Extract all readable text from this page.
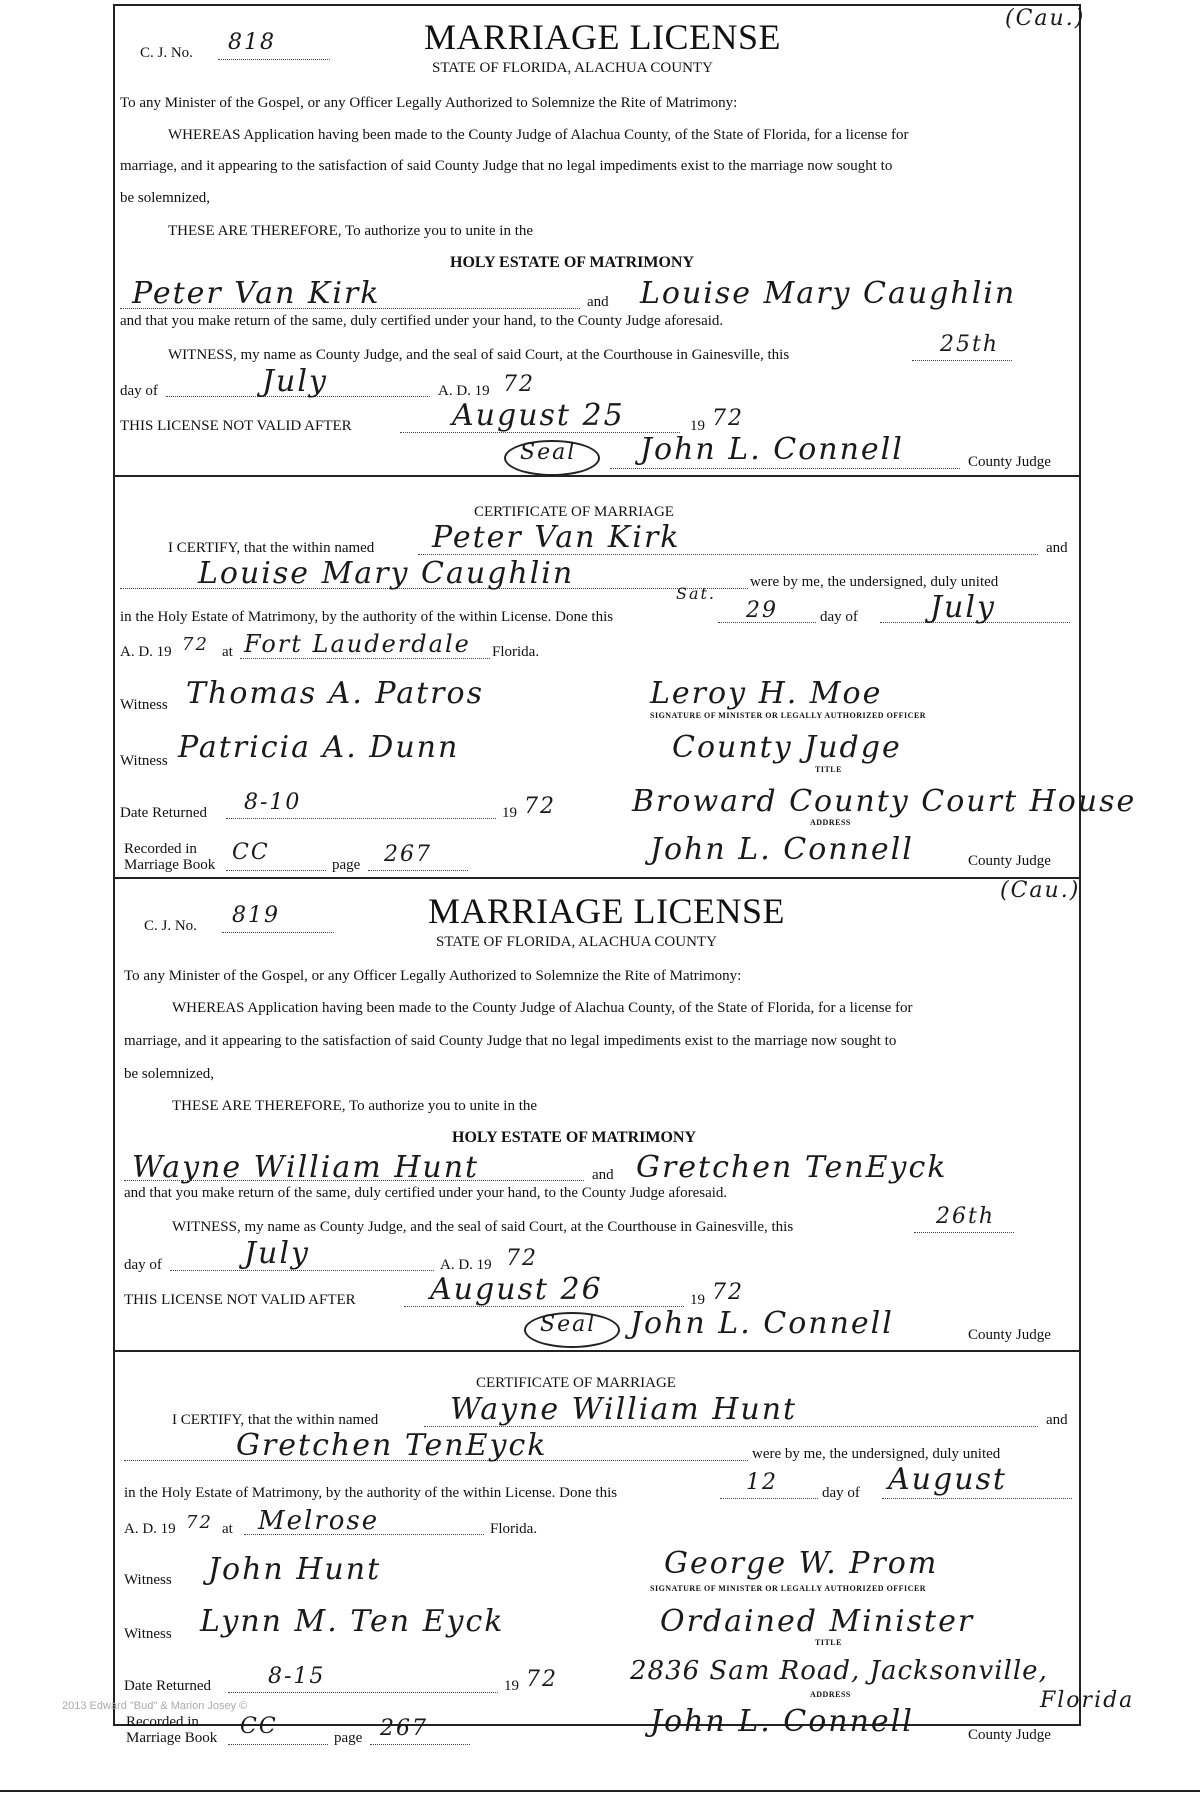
C. J. No. 818	MARRIAGE LICENSE	(Cau.)
STATE OF FLORIDA, ALACHUA COUNTY
To any Minister of the Gospel, or any Officer Legally Authorized to Solemnize the Rite of Matrimony:
WHEREAS Application having been made to the County Judge of Alachua County, of the State of Florida, for a license for
marriage, and it appearing to the satisfaction of said County Judge that no legal impediments exist to the marriage now sought to
be solemnized,
THESE ARE THEREFORE, To authorize you to unite in the
HOLY ESTATE OF MATRIMONY
Peter Van Kirk	and Louise Mary Caughlin
and that you make return of the same, duly certified under your hand, to the County Judge aforesaid.
WITNESS, my name as County Judge, and the seal of said Court, at the Courthouse in Gainesville, this	25th
day of	July	A. D. 19 72
THIS LICENSE NOT VALID AFTER	August 25	19 72
Seal John L. Connell	County Judge
CERTIFICATE OF MARRIAGE
I CERTIFY, that the within named Peter Van Kirk	and
Louise Mary Caughlin	were by me, the undersigned, duly united
in the Holy Estate of Matrimony, by the authority of the within License. Done this
Sat.
29	day of July
A. D. 19 72 at Fort Lauderdale Florida.
Witness Thomas A. Patros	Leroy H. Moe
SIGNATURE OF MINISTER OR LEGALLY AUTHORIZED OFFICER
Witness Patricia A. Dunn	County Judge
TITLE
Date Returned 8-10	19 72	Broward County Court House
ADDRESS
Recorded in
Marriage Book CC	page 267	John L. Connell	County Judge
(Cau.)
C. J. No. 819	MARRIAGE LICENSE
STATE OF FLORIDA, ALACHUA COUNTY
To any Minister of the Gospel, or any Officer Legally Authorized to Solemnize the Rite of Matrimony:
WHEREAS Application having been made to the County Judge of Alachua County, of the State of Florida, for a license for
marriage, and it appearing to the satisfaction of said County Judge that no legal impediments exist to the marriage now sought to
be solemnized,
THESE ARE THEREFORE, To authorize you to unite in the
HOLY ESTATE OF MATRIMONY
Wayne William Hunt	and Gretchen TenEyck
and that you make return of the same, duly certified under your hand, to the County Judge aforesaid.
WITNESS, my name as County Judge, and the seal of said Court, at the Courthouse in Gainesville, this	26th
day of	July	A. D. 19 72
THIS LICENSE NOT VALID AFTER August 26	19 72
Seal John L. Connell	County Judge
CERTIFICATE OF MARRIAGE
I CERTIFY, that the within named Wayne William Hunt	and
Gretchen TenEyck	were by me, the undersigned, duly united
in the Holy Estate of Matrimony, by the authority of the within License. Done this	12	day of August
A. D. 19 72 at Melrose	Florida.
Witness John Hunt	George W. Prom
SIGNATURE OF MINISTER OR LEGALLY AUTHORIZED OFFICER
Witness Lynn M. Ten Eyck	Ordained Minister
TITLE
Date Returned	8-15	19 72	2836 Sam Road, Jacksonville,
Florida
ADDRESS
Recorded in
Marriage Book CC	page 267	John L. Connell	County Judge
2013 Edward "Bud" & Marion Josey ©
